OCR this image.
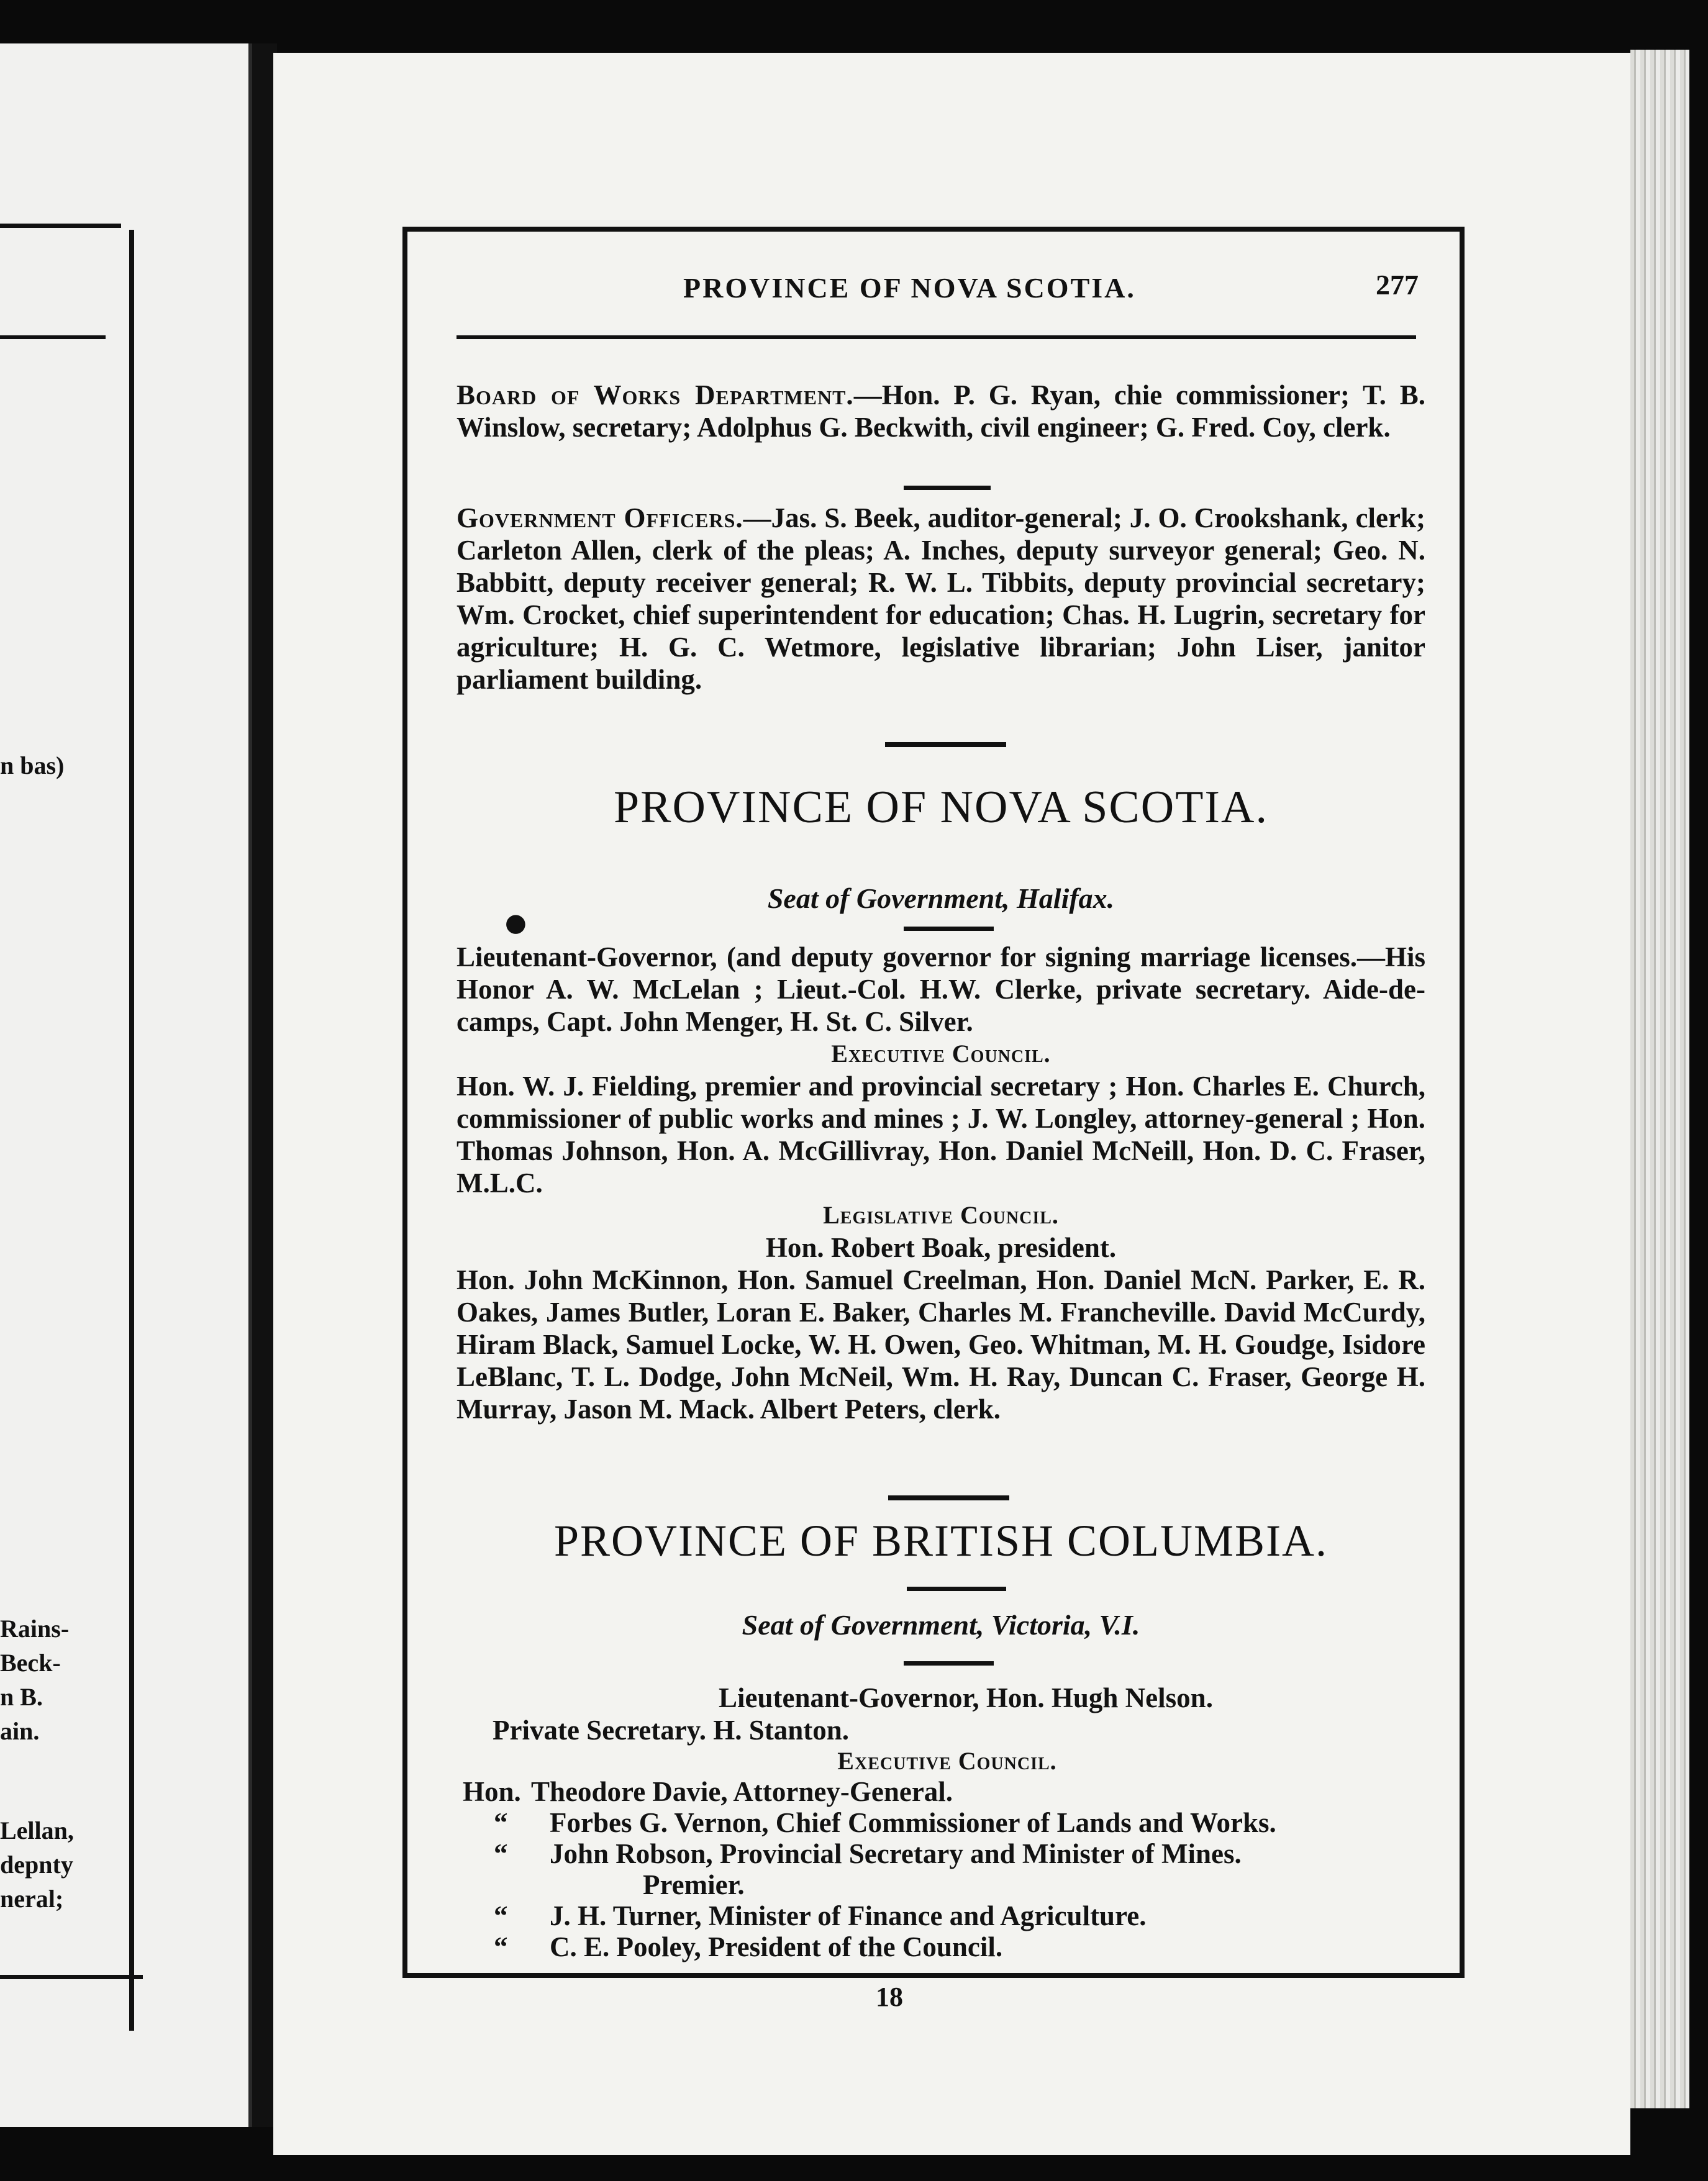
n bas)
Rains-
Beck-
n B.
ain.
Lellan,
depnty
neral;
PROVINCE OF NOVA SCOTIA.	277

Board of Works Department.—Hon. P. G. Ryan, chie commissioner; T. B. Winslow, secretary; Adolphus G. Beckwith, civil engineer; G. Fred. Coy, clerk.

Government Officers.—Jas. S. Beek, auditor-general; J. O. Crookshank, clerk; Carleton Allen, clerk of the pleas; A. Inches, deputy surveyor general; Geo. N. Babbitt, deputy receiver general; R. W. L. Tibbits, deputy provincial secretary; Wm. Crocket, chief superintendent for education; Chas. H. Lugrin, secretary for agriculture; H. G. C. Wetmore, legislative librarian; John Liser, janitor parliament building.

PROVINCE OF NOVA SCOTIA.
●
Seat of Government, Halifax.

Lieutenant-Governor, (and deputy governor for signing marriage licenses.—His Honor A. W. McLelan ; Lieut.-Col. H.W. Clerke, private secretary. Aide-de-camps, Capt. John Menger, H. St. C. Silver.

Executive Council.

Hon. W. J. Fielding, premier and provincial secretary ; Hon. Charles E. Church, commissioner of public works and mines ; J. W. Longley, attorney-general ; Hon. Thomas Johnson, Hon. A. McGillivray, Hon. Daniel McNeill, Hon. D. C. Fraser, M.L.C.

Legislative Council.

Hon. Robert Boak, president.

Hon. John McKinnon, Hon. Samuel Creelman, Hon. Daniel McN. Parker, E. R. Oakes, James Butler, Loran E. Baker, Charles M. Francheville. David McCurdy, Hiram Black, Samuel Locke, W. H. Owen, Geo. Whitman, M. H. Goudge, Isidore LeBlanc, T. L. Dodge, John McNeil, Wm. H. Ray, Duncan C. Fraser, George H. Murray, Jason M. Mack. Albert Peters, clerk.

PROVINCE OF BRITISH COLUMBIA.
Seat of Government, Victoria, V.I.

Lieutenant-Governor, Hon. Hugh Nelson.

Private Secretary. H. Stanton.

Executive Council.

Hon. Theodore Davie, Attorney-General.

“ Forbes G. Vernon, Chief Commissioner of Lands and Works.

“ John Robson, Provincial Secretary and Minister of Mines.

Premier.

“ J. H. Turner, Minister of Finance and Agriculture.

“ C. E. Pooley, President of the Council.

18
